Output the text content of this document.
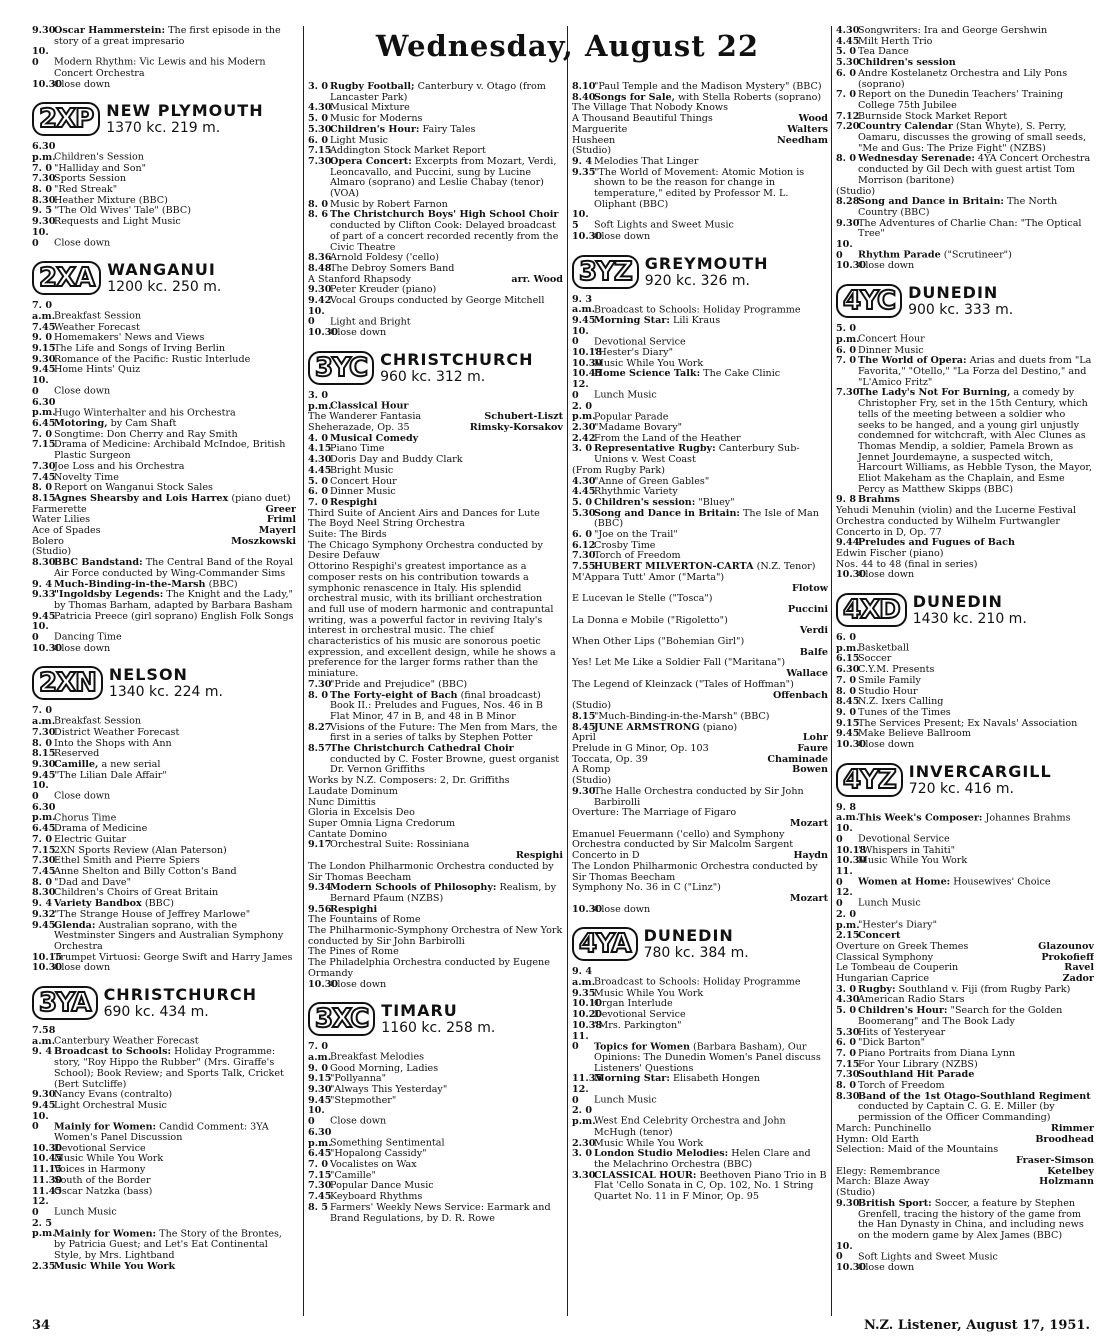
Wednesday, August 22
9.30Oscar Hammerstein: The first episode in the story of a great impresario
10. 0 Modern Rhythm: Vic Lewis and his Modern Concert Orchestra
10.30Close down
2XP NEW PLYMOUTH
1370 kc. 219 m.
6.30 p.m.Children's Session
7. 0 "Halliday and Son"
7.30Sports Session
8. 0 "Red Streak"
8.30Heather Mixture (BBC)
9. 5 "The Old Wives' Tale" (BBC)
9.30Requests and Light Music
10. 0 Close down
2XA WANGANUI
1200 kc. 250 m.
7. 0 a.m.Breakfast Session
7.45Weather Forecast
9. 0 Homemakers' News and Views
9.15The Life and Songs of Irving Berlin
9.30Romance of the Pacific: Rustic Interlude
9.45Home Hints' Quiz
10. 0 Close down
6.30 p.m.Hugo Winterhalter and his Orchestra
6.45Motoring, by Cam Shaft
7. 0 Songtime: Don Cherry and Ray Smith
7.15Drama of Medicine: Archibald McIndoe, British Plastic Surgeon
7.30Joe Loss and his Orchestra
7.45Novelty Time
8. 0 Report on Wanganui Stock Sales
8.15Agnes Shearsby and Lois Harrex (piano duet)
Greer
Farmerette
Friml
Water Lilies
Mayerl
Ace of Spades
Moszkowski
Bolero
(Studio)
8.30BBC Bandstand: The Central Band of the Royal Air Force conducted by Wing-Commander Sims
9. 4 Much-Binding-in-the-Marsh (BBC)
9.33"Ingoldsby Legends: The Knight and the Lady," by Thomas Barham, adapted by Barbara Basham
9.45Patricia Preece (girl soprano) English Folk Songs
10. 0 Dancing Time
10.30Close down
2XN NELSON
1340 kc. 224 m.
7. 0 a.m.Breakfast Session
7.30District Weather Forecast
8. 0 Into the Shops with Ann
8.15Reserved
9.30Camille, a new serial
9.45"The Lilian Dale Affair"
10. 0 Close down
6.30 p.m.Chorus Time
6.45Drama of Medicine
7. 0 Electric Guitar
7.152XN Sports Review (Alan Paterson)
7.30Ethel Smith and Pierre Spiers
7.45Anne Shelton and Billy Cotton's Band
8. 0 "Dad and Dave"
8.30Children's Choirs of Great Britain
9. 4 Variety Bandbox (BBC)
9.32"The Strange House of Jeffrey Marlowe"
9.45Glenda: Australian soprano, with the Westminster Singers and Australian Symphony Orchestra
10.15Trumpet Virtuosi: George Swift and Harry James
10.30Close down
3YA CHRISTCHURCH
690 kc. 434 m.
7.58 a.m.Canterbury Weather Forecast
9. 4 Broadcast to Schools: Holiday Programme: story, "Roy Hippo the Rubber" (Mrs. Giraffe's School); Book Review; and Sports Talk, Cricket (Bert Sutcliffe)
9.30Nancy Evans (contralto)
9.45Light Orchestral Music
10. 0 Mainly for Women: Candid Comment: 3YA Women's Panel Discussion
10.30Devotional Service
10.45Music While You Work
11.15Voices in Harmony
11.30South of the Border
11.45Oscar Natzka (bass)
12. 0 Lunch Music
2. 5 p.m.Mainly for Women: The Story of the Brontes, by Patricia Guest; and Let's Eat Continental Style, by Mrs. Lightband
2.35Music While You Work
3. 0 Rugby Football; Canterbury v. Otago (from Lancaster Park)
4.30Musical Mixture
5. 0 Music for Moderns
5.30Children's Hour: Fairy Tales
6. 0 Light Music
7.15Addington Stock Market Report
7.30Opera Concert: Excerpts from Mozart, Verdi, Leoncavallo, and Puccini, sung by Lucine Almaro (soprano) and Leslie Chabay (tenor) (VOA)
8. 0 Music by Robert Farnon
8. 6 The Christchurch Boys' High School Choir conducted by Clifton Cook: Delayed broadcast of part of a concert recorded recently from the Civic Theatre
8.36Arnold Foldesy ('cello)
8.48The Debroy Somers Band
arr. Wood
A Stanford Rhapsody
9.30Peter Kreuder (piano)
9.42Vocal Groups conducted by George Mitchell
10. 0 Light and Bright
10.30Close down
3YC CHRISTCHURCH
960 kc. 312 m.
3. 0 p.m.Classical Hour
Schubert-Liszt
The Wanderer Fantasia
Rimsky-Korsakov
Sheherazade, Op. 35
4. 0 Musical Comedy
4.15Piano Time
4.30Doris Day and Buddy Clark
4.45Bright Music
5. 0 Concert Hour
6. 0 Dinner Music
7. 0 Respighi
Third Suite of Ancient Airs and Dances for Lute
The Boyd Neel String Orchestra
Suite: The Birds
The Chicago Symphony Orchestra conducted by Desire Defauw
Ottorino Respighi's greatest importance as a composer rests on his contribution towards a symphonic renascence in Italy. His splendid orchestral music, with its brilliant orchestration and full use of modern harmonic and contrapuntal writing, was a powerful factor in reviving Italy's interest in orchestral music. The chief characteristics of his music are sonorous poetic expression, and excellent design, while he shows a preference for the larger forms rather than the miniature.
7.30"Pride and Prejudice" (BBC)
8. 0 The Forty-eight of Bach (final broadcast) Book II.: Preludes and Fugues, Nos. 46 in B Flat Minor, 47 in B, and 48 in B Minor
8.27Visions of the Future: The Men from Mars, the first in a series of talks by Stephen Potter
8.57The Christchurch Cathedral Choir conducted by C. Foster Browne, guest organist Dr. Vernon Griffiths
Works by N.Z. Composers: 2, Dr. Griffiths
Laudate Dominum
Nunc Dimittis
Gloria in Excelsis Deo
Super Omnia Ligna Credorum
Cantate Domino
9.17Orchestral Suite: Rossiniana
Respighi
The London Philharmonic Orchestra conducted by Sir Thomas Beecham
9.34Modern Schools of Philosophy: Realism, by Bernard Pfaum (NZBS)
9.56Respighi
The Fountains of Rome
The Philharmonic-Symphony Orchestra of New York conducted by Sir John Barbirolli
The Pines of Rome
The Philadelphia Orchestra conducted by Eugene Ormandy
10.30Close down
3XC TIMARU
1160 kc. 258 m.
7. 0 a.m.Breakfast Melodies
9. 0 Good Morning, Ladies
9.15"Pollyanna"
9.30"Always This Yesterday"
9.45"Stepmother"
10. 0 Close down
6.30 p.m.Something Sentimental
6.45"Hopalong Cassidy"
7. 0 Vocalistes on Wax
7.15"Camille"
7.30Popular Dance Music
7.45Keyboard Rhythms
8. 5 Farmers' Weekly News Service: Earmark and Brand Regulations, by D. R. Rowe
8.10"Paul Temple and the Madison Mystery" (BBC)
8.40Songs for Sale, with Stella Roberts (soprano)
The Village That Nobody Knows
Wood
A Thousand Beautiful Things
Walters
Marguerite
Needham
Husheen
(Studio)
9. 4 Melodies That Linger
9.35"The World of Movement: Atomic Motion is shown to be the reason for change in temperature," edited by Professor M. L. Oliphant (BBC)
10. 5 Soft Lights and Sweet Music
10.30Close down
3YZ GREYMOUTH
920 kc. 326 m.
9. 3 a.m.Broadcast to Schools: Holiday Programme
9.45Morning Star: Lili Kraus
10. 0 Devotional Service
10.18"Hester's Diary"
10.30Music While You Work
10.45Home Science Talk: The Cake Clinic
12. 0 Lunch Music
2. 0 p.m.Popular Parade
2.30"Madame Bovary"
2.42From the Land of the Heather
3. 0 Representative Rugby: Canterbury Sub-Unions v. West Coast
(From Rugby Park)
4.30"Anne of Green Gables"
4.45Rhythmic Variety
5. 0 Children's session: "Bluey"
5.30Song and Dance in Britain: The Isle of Man (BBC)
6. 0 "Joe on the Trail"
6.12Crosby Time
7.30Torch of Freedom
7.55HUBERT MILVERTON-CARTA (N.Z. Tenor)
M'Appara Tutt' Amor ("Marta")
Flotow
E Lucevan le Stelle ("Tosca")
Puccini
La Donna e Mobile ("Rigoletto")
Verdi
When Other Lips ("Bohemian Girl")
Balfe
Yes! Let Me Like a Soldier Fall ("Maritana")
Wallace
The Legend of Kleinzack ("Tales of Hoffman")
Offenbach
(Studio)
8.15"Much-Binding-in-the-Marsh" (BBC)
8.45JUNE ARMSTRONG (piano)
Lohr
April
Faure
Prelude in G Minor, Op. 103
Chaminade
Toccata, Op. 39
Bowen
A Romp
(Studio)
9.30The Halle Orchestra conducted by Sir John Barbirolli
Overture: The Marriage of Figaro
Mozart
Emanuel Feuermann ('cello) and Symphony Orchestra conducted by Sir Malcolm Sargent
Haydn
Concerto in D
The London Philharmonic Orchestra conducted by Sir Thomas Beecham
Symphony No. 36 in C ("Linz")
Mozart
10.30Close down
4YA DUNEDIN
780 kc. 384 m.
9. 4 a.m.Broadcast to Schools: Holiday Programme
9.35Music While You Work
10.10Organ Interlude
10.20Devotional Service
10.38"Mrs. Parkington"
11. 0 Topics for Women (Barbara Basham), Our Opinions: The Dunedin Women's Panel discuss Listeners' Questions
11.35Morning Star: Elisabeth Hongen
12. 0 Lunch Music
2. 0 p.m.West End Celebrity Orchestra and John McHugh (tenor)
2.30Music While You Work
3. 0 London Studio Melodies: Helen Clare and the Melachrino Orchestra (BBC)
3.30CLASSICAL HOUR: Beethoven Piano Trio in B Flat 'Cello Sonata in C, Op. 102, No. 1 String Quartet No. 11 in F Minor, Op. 95
4.30Songwriters: Ira and George Gershwin
4.45Milt Herth Trio
5. 0 Tea Dance
5.30Children's session
6. 0 Andre Kostelanetz Orchestra and Lily Pons (soprano)
7. 0 Report on the Dunedin Teachers' Training College 75th Jubilee
7.12Burnside Stock Market Report
7.20Country Calendar (Stan Whyte), S. Perry, Oamaru, discusses the growing of small seeds, "Me and Gus: The Prize Fight" (NZBS)
8. 0 Wednesday Serenade: 4YA Concert Orchestra conducted by Gil Dech with guest artist Tom Morrison (baritone)
(Studio)
8.28Song and Dance in Britain: The North Country (BBC)
9.30The Adventures of Charlie Chan: "The Optical Tree"
10. 0 Rhythm Parade ("Scrutineer")
10.30Close down
4YC DUNEDIN
900 kc. 333 m.
5. 0 p.m.Concert Hour
6. 0 Dinner Music
7. 0 The World of Opera: Arias and duets from "La Favorita," "Otello," "La Forza del Destino," and "L'Amico Fritz"
7.30The Lady's Not For Burning, a comedy by Christopher Fry, set in the 15th Century, which tells of the meeting between a soldier who seeks to be hanged, and a young girl unjustly condemned for witchcraft, with Alec Clunes as Thomas Mendip, a soldier, Pamela Brown as Jennet Jourdemayne, a suspected witch, Harcourt Williams, as Hebble Tyson, the Mayor, Eliot Makeham as the Chaplain, and Esme Percy as Matthew Skipps (BBC)
9. 8 Brahms
Yehudi Menuhin (violin) and the Lucerne Festival Orchestra conducted by Wilhelm Furtwangler
Concerto in D, Op. 77
9.44Preludes and Fugues of Bach
Edwin Fischer (piano)
Nos. 44 to 48 (final in series)
10.30Close down
4XD DUNEDIN
1430 kc. 210 m.
6. 0 p.m.Basketball
6.15Soccer
6.30C.Y.M. Presents
7. 0 Smile Family
8. 0 Studio Hour
8.45N.Z. Ixers Calling
9. 0 Tunes of the Times
9.15The Services Present; Ex Navals' Association
9.45Make Believe Ballroom
10.30Close down
4YZ INVERCARGILL
720 kc. 416 m.
9. 8 a.m.This Week's Composer: Johannes Brahms
10. 0 Devotional Service
10.18"Whispers in Tahiti"
10.30Music While You Work
11. 0 Women at Home: Housewives' Choice
12. 0 Lunch Music
2. 0 p.m."Hester's Diary"
2.15Concert
Glazounov
Overture on Greek Themes
Prokofieff
Classical Symphony
Ravel
Le Tombeau de Couperin
Zador
Hungarian Caprice
3. 0 Rugby: Southland v. Fiji (from Rugby Park)
4.30American Radio Stars
5. 0 Children's Hour: "Search for the Golden Boomerang" and The Book Lady
5.30Hits of Yesteryear
6. 0 "Dick Barton"
7. 0 Piano Portraits from Diana Lynn
7.15For Your Library (NZBS)
7.30Southland Hit Parade
8. 0 Torch of Freedom
8.30Band of the 1st Otago-Southland Regiment conducted by Captain C. G. E. Miller (by permission of the Officer Commanding)
Rimmer
March: Punchinello
Broodhead
Hymn: Old Earth
Selection: Maid of the Mountains
Fraser-Simson
Ketelbey
Elegy: Remembrance
Holzmann
March: Blaze Away
(Studio)
9.30British Sport: Soccer, a feature by Stephen Grenfell, tracing the history of the game from the Han Dynasty in China, and including news on the modern game by Alex James (BBC)
10. 0 Soft Lights and Sweet Music
10.30Close down
34	N.Z. Listener, August 17, 1951.
